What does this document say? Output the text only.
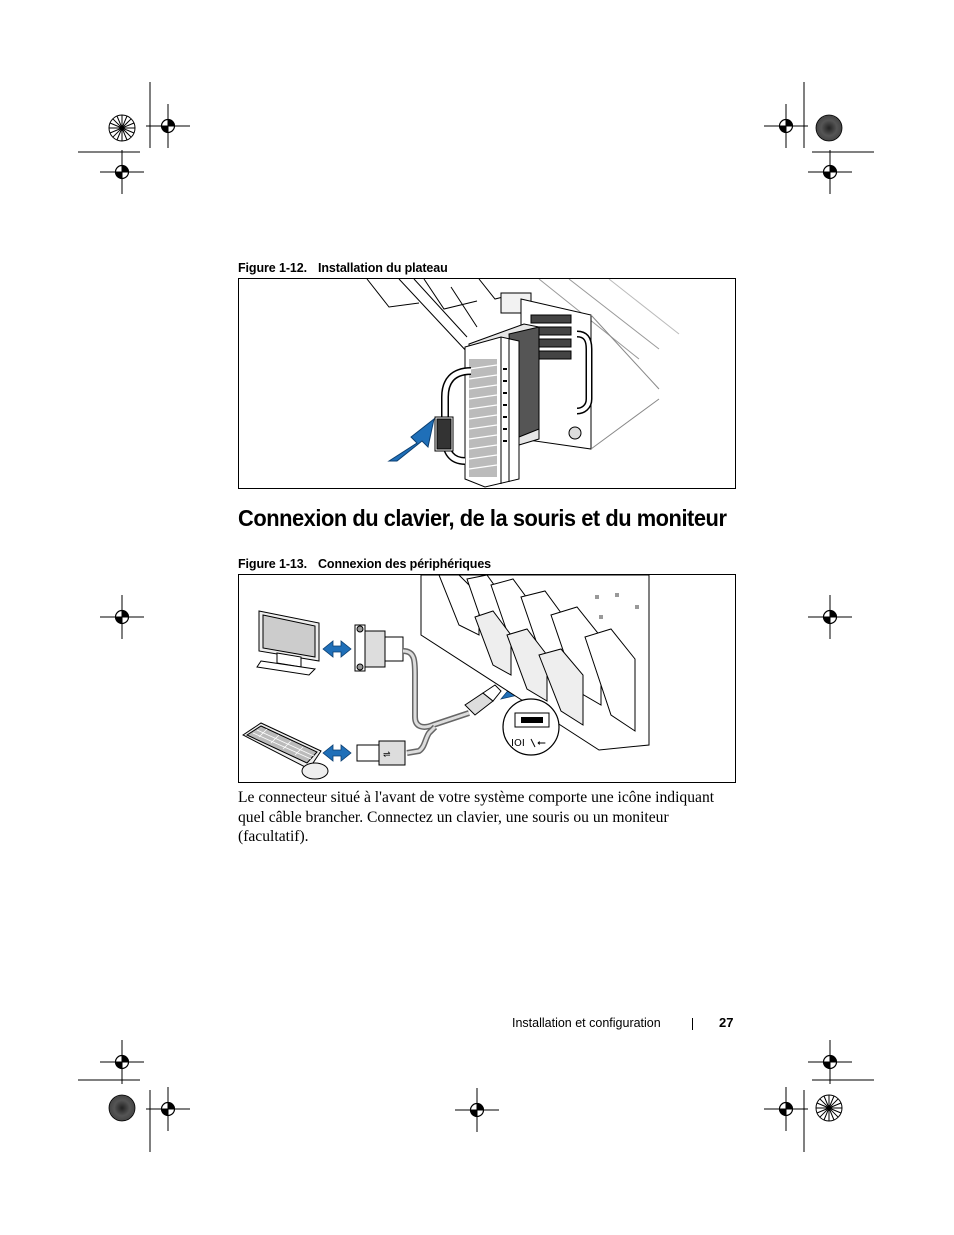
Figure 1-12. Installation du plateau
Connexion du clavier, de la souris et du moniteur
Figure 1-13. Connexion des périphériques
⇌
IOI ⭠
Le connecteur situé à l'avant de votre système comporte une icône indiquant quel câble brancher. Connectez un clavier, une souris ou un moniteur (facultatif).
Installation et configuration	27
